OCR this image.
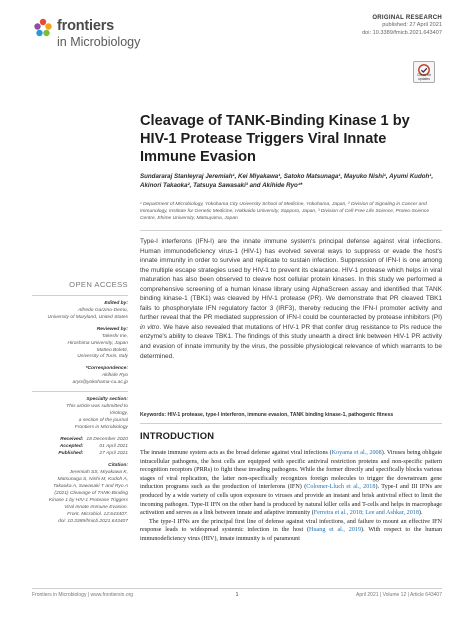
frontiers
in Microbiology
ORIGINAL RESEARCH
published: 27 April 2021
doi: 10.3389/fmicb.2021.643407
Check for updates
Cleavage of TANK-Binding Kinase 1 by HIV-1 Protease Triggers Viral Innate Immune Evasion
Sundararaj Stanleyraj Jeremiah¹, Kei Miyakawa¹, Satoko Matsunaga¹, Mayuko Nishi¹, Ayumi Kudoh¹, Akinori Takaoka², Tatsuya Sawasaki³ and Akihide Ryo¹*
¹ Department of Microbiology, Yokohama City University School of Medicine, Yokohama, Japan, ² Division of Signaling in Cancer and Immunology, Institute for Genetic Medicine, Hokkaido University, Sapporo, Japan, ³ Division of Cell-Free Life Science, Proteo-Science Centre, Ehime University, Matsuyama, Japan
Type-I interferons (IFN-I) are the innate immune system's principal defense against viral infections. Human immunodeficiency virus-1 (HIV-1) has evolved several ways to suppress or evade the host's innate immunity in order to survive and replicate to sustain infection. Suppression of IFN-I is one among the multiple escape strategies used by HIV-1 to prevent its clearance. HIV-1 protease which helps in viral maturation has also been observed to cleave host cellular protein kinases. In this study we performed a comprehensive screening of a human kinase library using AlphaScreen assay and identified that TANK binding kinase-1 (TBK1) was cleaved by HIV-1 protease (PR). We demonstrate that PR cleaved TBK1 fails to phosphorylate IFN regulatory factor 3 (IRF3), thereby reducing the IFN-I promoter activity and further reveal that the PR mediated suppression of IFN-I could be counteracted by protease inhibitors (PI) in vitro. We have also revealed that mutations of HIV-1 PR that confer drug resistance to PIs reduce the enzyme's ability to cleave TBK1. The findings of this study unearth a direct link between HIV-1 PR activity and evasion of innate immunity by the virus, the possible physiological relevance of which warrants to be determined.
Keywords: HIV-1 protease, type-I interferon, immune evasion, TANK binding kinase-1, pathogenic fitness
INTRODUCTION

The innate immune system acts as the broad defense against viral infections (Koyama et al., 2008). Viruses being obligate intracellular pathogens, the host cells are equipped with specific antiviral restriction proteins and non-specific pattern recognition receptors (PRRs) to fight these invading pathogens. While the former directly and specifically blocks various stages of viral replication, the latter non-specifically recognizes foreign molecules to trigger the downstream gene induction programs such as the production of interferons (IFN) (Colomer-Lluch et al., 2018). Type-I and III IFNs are produced by a wide variety of cells upon exposure to viruses and provide an instant and brisk antiviral effect to limit the incoming pathogen. Type-II IFN on the other hand is produced by natural killer cells and T-cells and helps in macrophage activation and serves as a link between innate and adaptive immunity (Ferreira et al., 2018; Lee and Ashkar, 2018).

The type-I IFNs are the principal first line of defense against viral infections, and failure to mount an effective IFN response leads to widespread systemic infection in the host (Huang et al., 2019). With respect to the human immunodeficiency virus (HIV), innate immunity is of paramount

OPEN ACCESS
Edited by:
Alfredo Garzino-Demo,
University of Maryland, United States
Reviewed by:
Takeshi Irie,
Hiroshima University, Japan
Matteo Boletti,
University of Turin, Italy
*Correspondence:
Akihide Ryo
aryo@yokohama-cu.ac.jp
Specialty section:
This article was submitted to
Virology,
a section of the journal
Frontiers in Microbiology
Received: 18 December 2020
Accepted:	01 April 2021
Published:	27 April 2021
Citation:
Jeremiah SS, Miyakawa K,
Matsunaga S, Nishi M, Kudoh A,
Takaoka A, Sawasaki T and Ryo A
(2021) Cleavage of TANK-Binding
Kinase 1 by HIV-1 Protease Triggers
Viral Innate Immune Evasion.
Front. Microbiol. 12:643407.
doi: 10.3389/fmicb.2021.643407
Frontiers in Microbiology | www.frontiersin.org	1	April 2021 | Volume 12 | Article 643407
